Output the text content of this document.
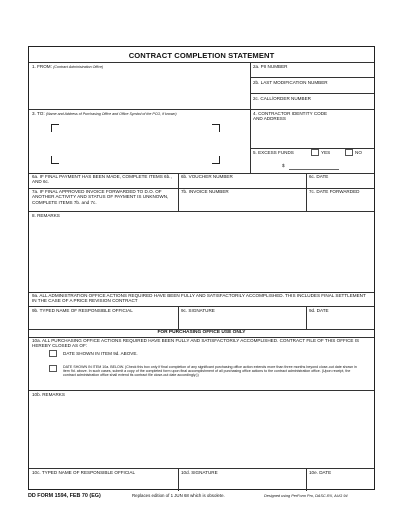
CONTRACT COMPLETION STATEMENT
1. FROM: (Contract Administration Office)	2a. PII NUMBER
2b. LAST MODIFICATION NUMBER
2c. CALL/ORDER NUMBER
3. TO: (Name and Address of Purchasing Office and Office Symbol of the PCO, if known)	4. CONTRACTOR IDENTITY CODE AND ADDRESS
5. EXCESS FUNDS	YES	NO
$
6a. IF FINAL PAYMENT HAS BEEN MADE, COMPLETE ITEMS 6b., AND 6c.
6b. VOUCHER NUMBER	6c. DATE
7a. IF FINAL APPROVED INVOICE FORWARDED TO D.O. OF ANOTHER ACTIVITY AND STATUS OF PAYMENT IS UNKNOWN, COMPLETE ITEMS 7b. and 7c.
7b. INVOICE NUMBER	7c. DATE FORWARDED
8. REMARKS
9a. ALL ADMINISTRATION OFFICE ACTIONS REQUIRED HAVE BEEN FULLY AND SATISFACTORILY ACCOMPLISHED. THIS INCLUDES FINAL SETTLEMENT IN THE CASE OF A PRICE REVISION CONTRACT
9b. TYPED NAME OF RESPONSIBLE OFFICIAL	9c. SIGNATURE	9d. DATE
FOR PURCHASING OFFICE USE ONLY
10a. ALL PURCHASING OFFICE ACTIONS REQUIRED HAVE BEEN FULLY AND SATISFACTORILY ACCOMPLISHED. CONTRACT FILE OF THIS OFFICE IS HEREBY CLOSED AS OF:
DATE SHOWN IN ITEM 9d. ABOVE.
DATE SHOWN IN ITEM 10a. BELOW. (Check this box only if final completion of any significant purchasing office action extends more than three months beyond close-out date shown in item 9d. above. In such cases, submit a copy of the completed form upon final accomplishment of all purchasing office actions to the contract administration office. (Upon receipt, the contract administration office shall extend its contract file close-out date accordingly.))
10b. REMARKS
10c. TYPED NAME OF RESPONSIBLE OFFICIAL	10d. SIGNATURE	10e. DATE
DD FORM 1594, FEB 70 (EG)	Replaces edition of 1 JUN 68 which is obsolete.	Designed using PerForm Pro, DASC-RX, AUG 94
